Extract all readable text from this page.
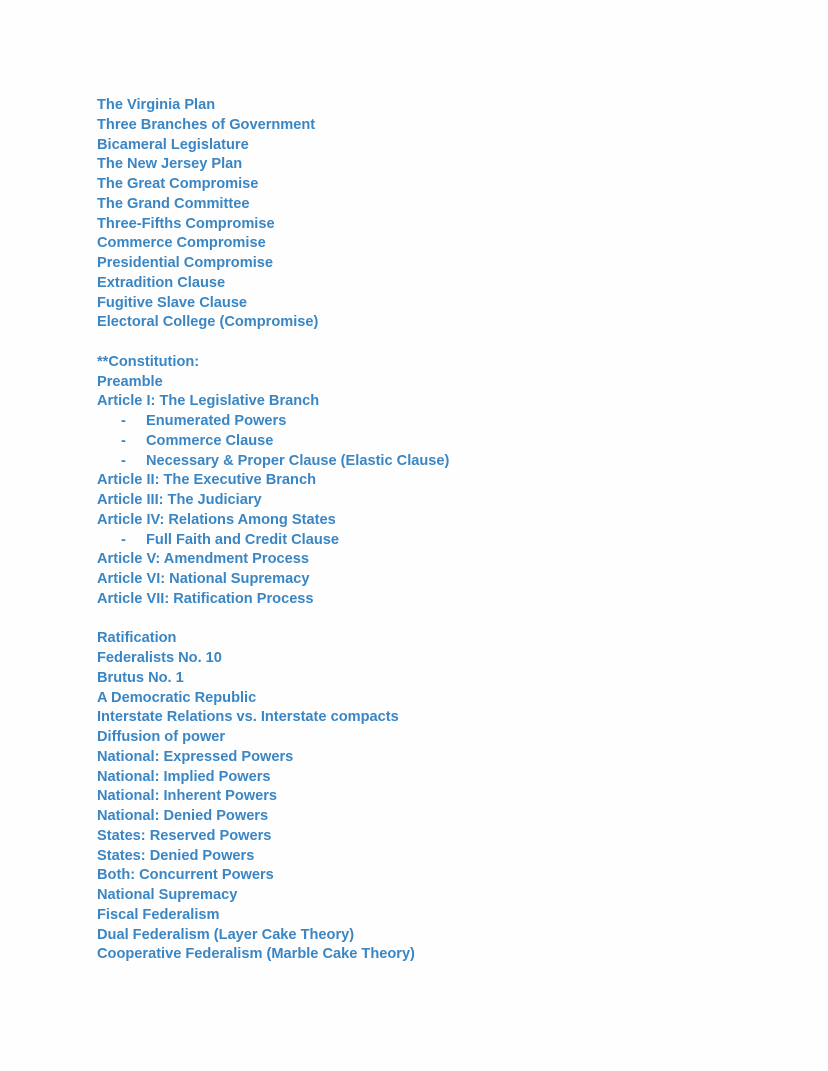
The Virginia Plan
Three Branches of Government
Bicameral Legislature
The New Jersey Plan
The Great Compromise
The Grand Committee
Three-Fifths Compromise
Commerce Compromise
Presidential Compromise
Extradition Clause
Fugitive Slave Clause
Electoral College (Compromise)
**Constitution:
Preamble
Article I: The Legislative Branch
- Enumerated Powers
- Commerce Clause
- Necessary & Proper Clause (Elastic Clause)
Article II: The Executive Branch
Article III: The Judiciary
Article IV: Relations Among States
- Full Faith and Credit Clause
Article V: Amendment Process
Article VI: National Supremacy
Article VII: Ratification Process
Ratification
Federalists No. 10
Brutus No. 1
A Democratic Republic
Interstate Relations vs. Interstate compacts
Diffusion of power
National: Expressed Powers
National: Implied Powers
National: Inherent Powers
National: Denied Powers
States: Reserved Powers
States: Denied Powers
Both: Concurrent Powers
National Supremacy
Fiscal Federalism
Dual Federalism (Layer Cake Theory)
Cooperative Federalism (Marble Cake Theory)
